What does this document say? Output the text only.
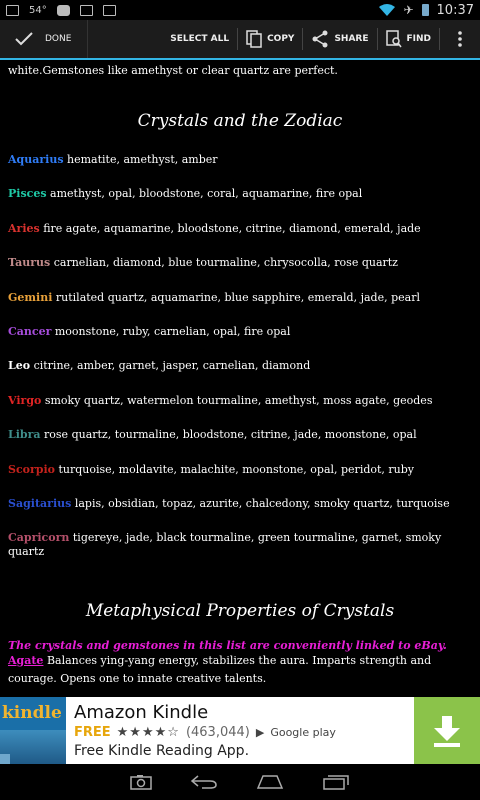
54°	✈ 10:37
DONE	SELECT ALL	COPY	SHARE	FIND
white.Gemstones like amethyst or clear quartz are perfect.
Crystals and the Zodiac
Aquarius hematite, amethyst, amber
Pisces amethyst, opal, bloodstone, coral, aquamarine, fire opal
Aries fire agate, aquamarine, bloodstone, citrine, diamond, emerald, jade
Taurus carnelian, diamond, blue tourmaline, chrysocolla, rose quartz
Gemini rutilated quartz, aquamarine, blue sapphire, emerald, jade, pearl
Cancer moonstone, ruby, carnelian, opal, fire opal
Leo citrine, amber, garnet, jasper, carnelian, diamond
Virgo smoky quartz, watermelon tourmaline, amethyst, moss agate, geodes
Libra rose quartz, tourmaline, bloodstone, citrine, jade, moonstone, opal
Scorpio turquoise, moldavite, malachite, moonstone, opal, peridot, ruby
Sagitarius lapis, obsidian, topaz, azurite, chalcedony, smoky quartz, turquoise
Capricorn tigereye, jade, black tourmaline, green tourmaline, garnet, smoky quartz
Metaphysical Properties of Crystals
The crystals and gemstones in this list are conveniently linked to eBay.
Agate Balances ying-yang energy, stabilizes the aura. Imparts strength and courage. Opens one to innate creative talents.
kindle Amazon Kindle
FREE ★★★★☆ (463,044) ▶ Google play
Free Kindle Reading App.
